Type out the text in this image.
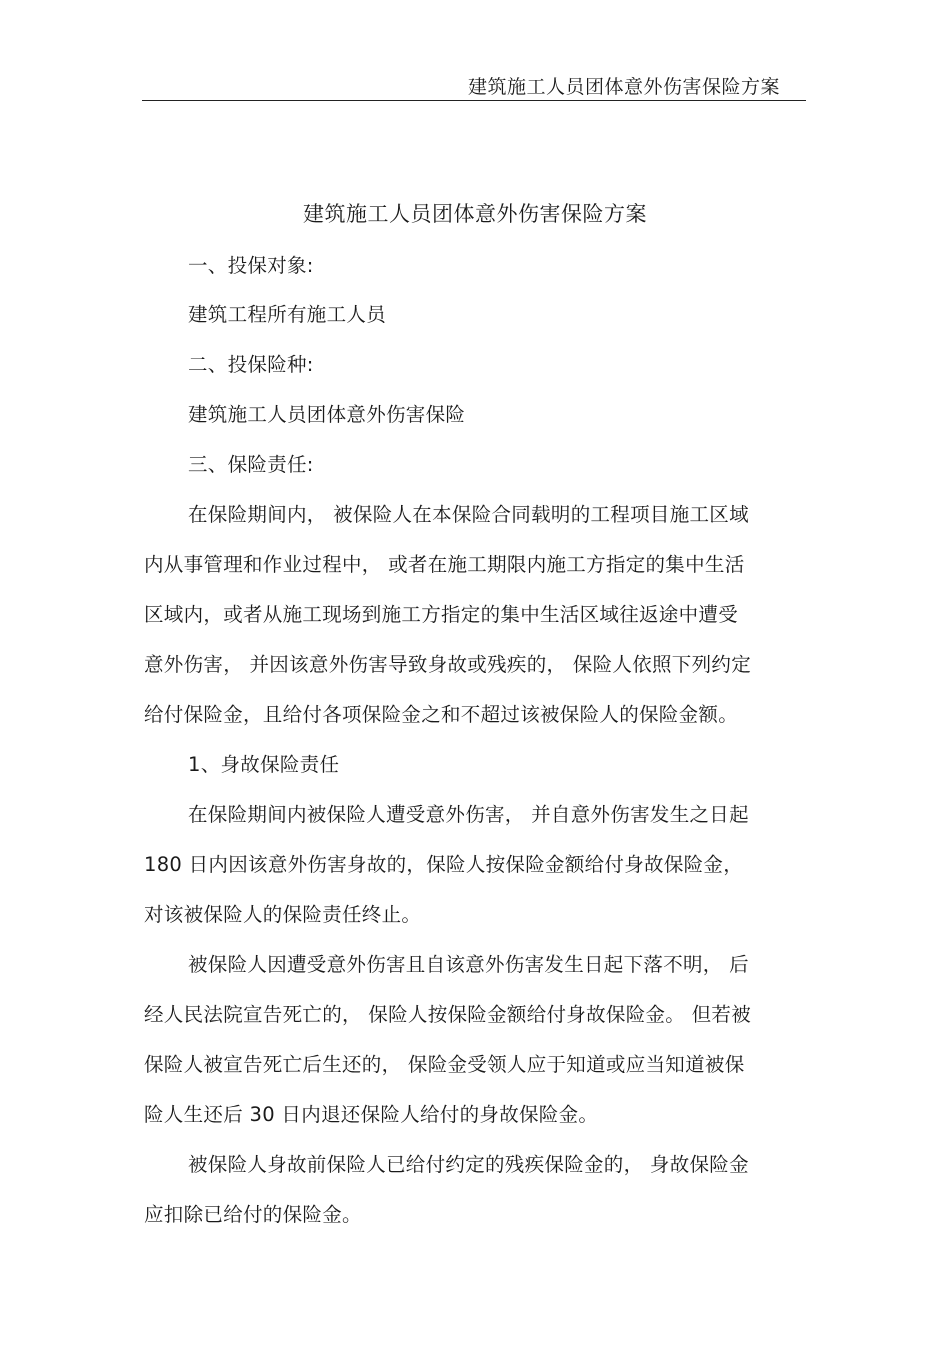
建筑施工人员团体意外伤害保险方案
建筑施工人员团体意外伤害保险方案
一、投保对象:
建筑工程所有施工人员
二、投保险种:
建筑施工人员团体意外伤害保险
三、保险责任:
在保险期间内， 被保险人在本保险合同载明的工程项目施工区域
内从事管理和作业过程中， 或者在施工期限内施工方指定的集中生活
区域内，或者从施工现场到施工方指定的集中生活区域往返途中遭受
意外伤害， 并因该意外伤害导致身故或残疾的， 保险人依照下列约定
给付保险金，且给付各项保险金之和不超过该被保险人的保险金额。
1、身故保险责任
在保险期间内被保险人遭受意外伤害， 并自意外伤害发生之日起
180 日内因该意外伤害身故的，保险人按保险金额给付身故保险金，
对该被保险人的保险责任终止。
被保险人因遭受意外伤害且自该意外伤害发生日起下落不明， 后
经人民法院宣告死亡的， 保险人按保险金额给付身故保险金。 但若被
保险人被宣告死亡后生还的， 保险金受领人应于知道或应当知道被保
险人生还后 30 日内退还保险人给付的身故保险金。
被保险人身故前保险人已给付约定的残疾保险金的， 身故保险金
应扣除已给付的保险金。
